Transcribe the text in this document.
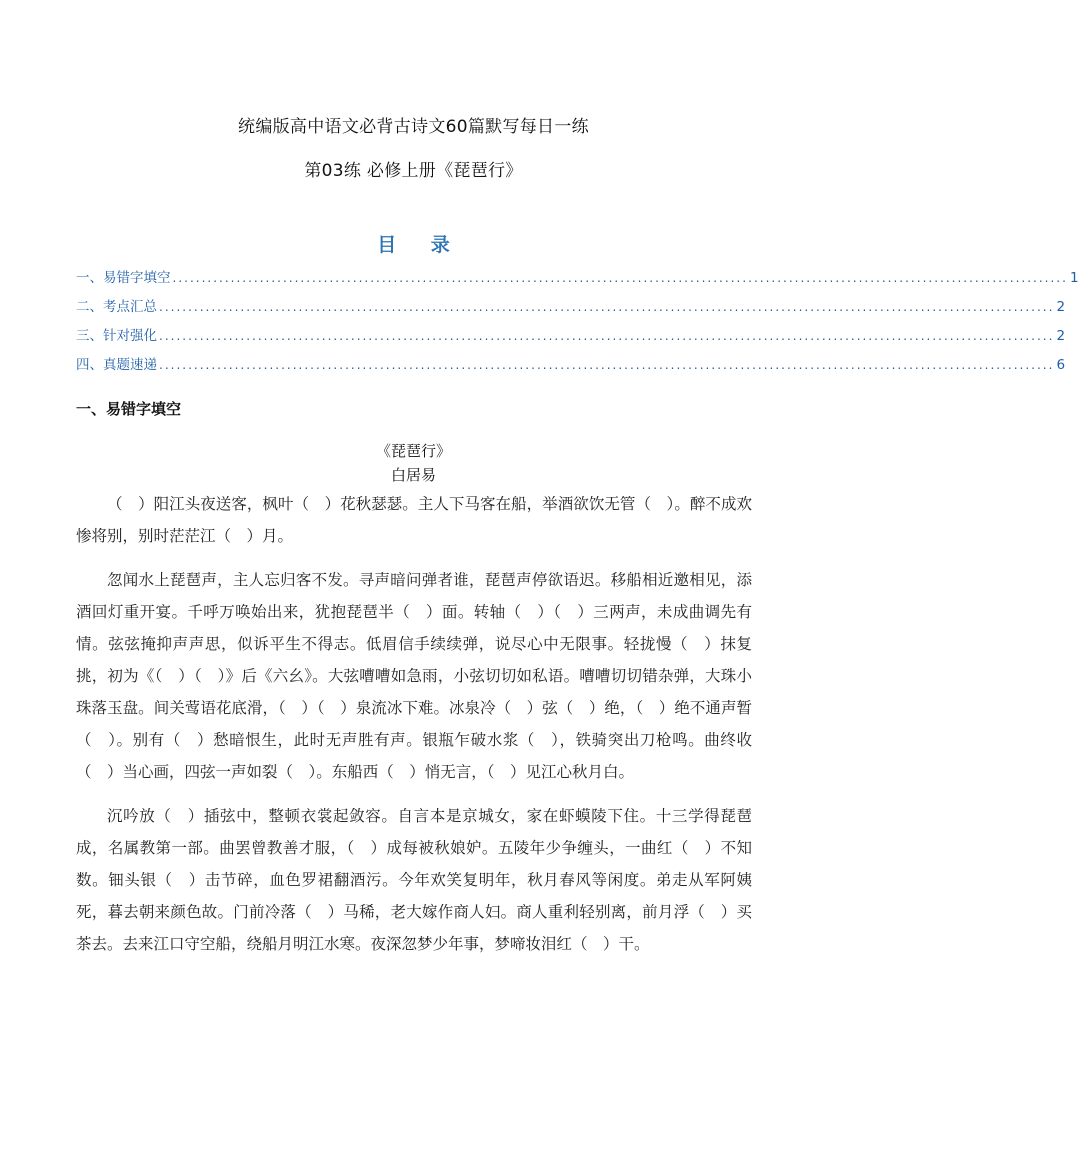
统编版高中语文必背古诗文60篇默写每日一练
第03练 必修上册《琵琶行》
目 录
一、易错字填空 .......................................................................................................................................................... 1
二、考点汇总 .......................................................................................................................................................... 2
三、针对强化 .......................................................................................................................................................... 2
四、真题速递 .......................................................................................................................................................... 6
一、易错字填空
《琵琶行》
白居易

（　）阳江头夜送客，枫叶（　）花秋瑟瑟。主人下马客在船，举酒欲饮无管（　）。醉不成欢惨将别，别时茫茫江（　）月。

忽闻水上琵琶声，主人忘归客不发。寻声暗问弹者谁，琵琶声停欲语迟。移船相近邀相见，添酒回灯重开宴。千呼万唤始出来，犹抱琵琶半（　）面。转轴（　）（　）三两声，未成曲调先有情。弦弦掩抑声声思，似诉平生不得志。低眉信手续续弹，说尽心中无限事。轻拢慢（　）抹复挑，初为《（　）（　）》后《六幺》。大弦嘈嘈如急雨，小弦切切如私语。嘈嘈切切错杂弹，大珠小珠落玉盘。间关莺语花底滑，（　）（　）泉流冰下难。冰泉冷（　）弦（　）绝，（　）绝不通声暂（　）。别有（　）愁暗恨生，此时无声胜有声。银瓶乍破水浆（　），铁骑突出刀枪鸣。曲终收（　）当心画，四弦一声如裂（　）。东船西（　）悄无言，（　）见江心秋月白。

沉吟放（　）插弦中，整顿衣裳起敛容。自言本是京城女，家在虾蟆陵下住。十三学得琵琶成，名属教第一部。曲罢曾教善才服，（　）成每被秋娘妒。五陵年少争缠头，一曲红（　）不知数。钿头银（　）击节碎，血色罗裙翻酒污。今年欢笑复明年，秋月春风等闲度。弟走从军阿姨死，暮去朝来颜色故。门前冷落（　）马稀，老大嫁作商人妇。商人重利轻别离，前月浮（　）买茶去。去来江口守空船，绕船月明江水寒。夜深忽梦少年事，梦啼妆泪红（　）干。
